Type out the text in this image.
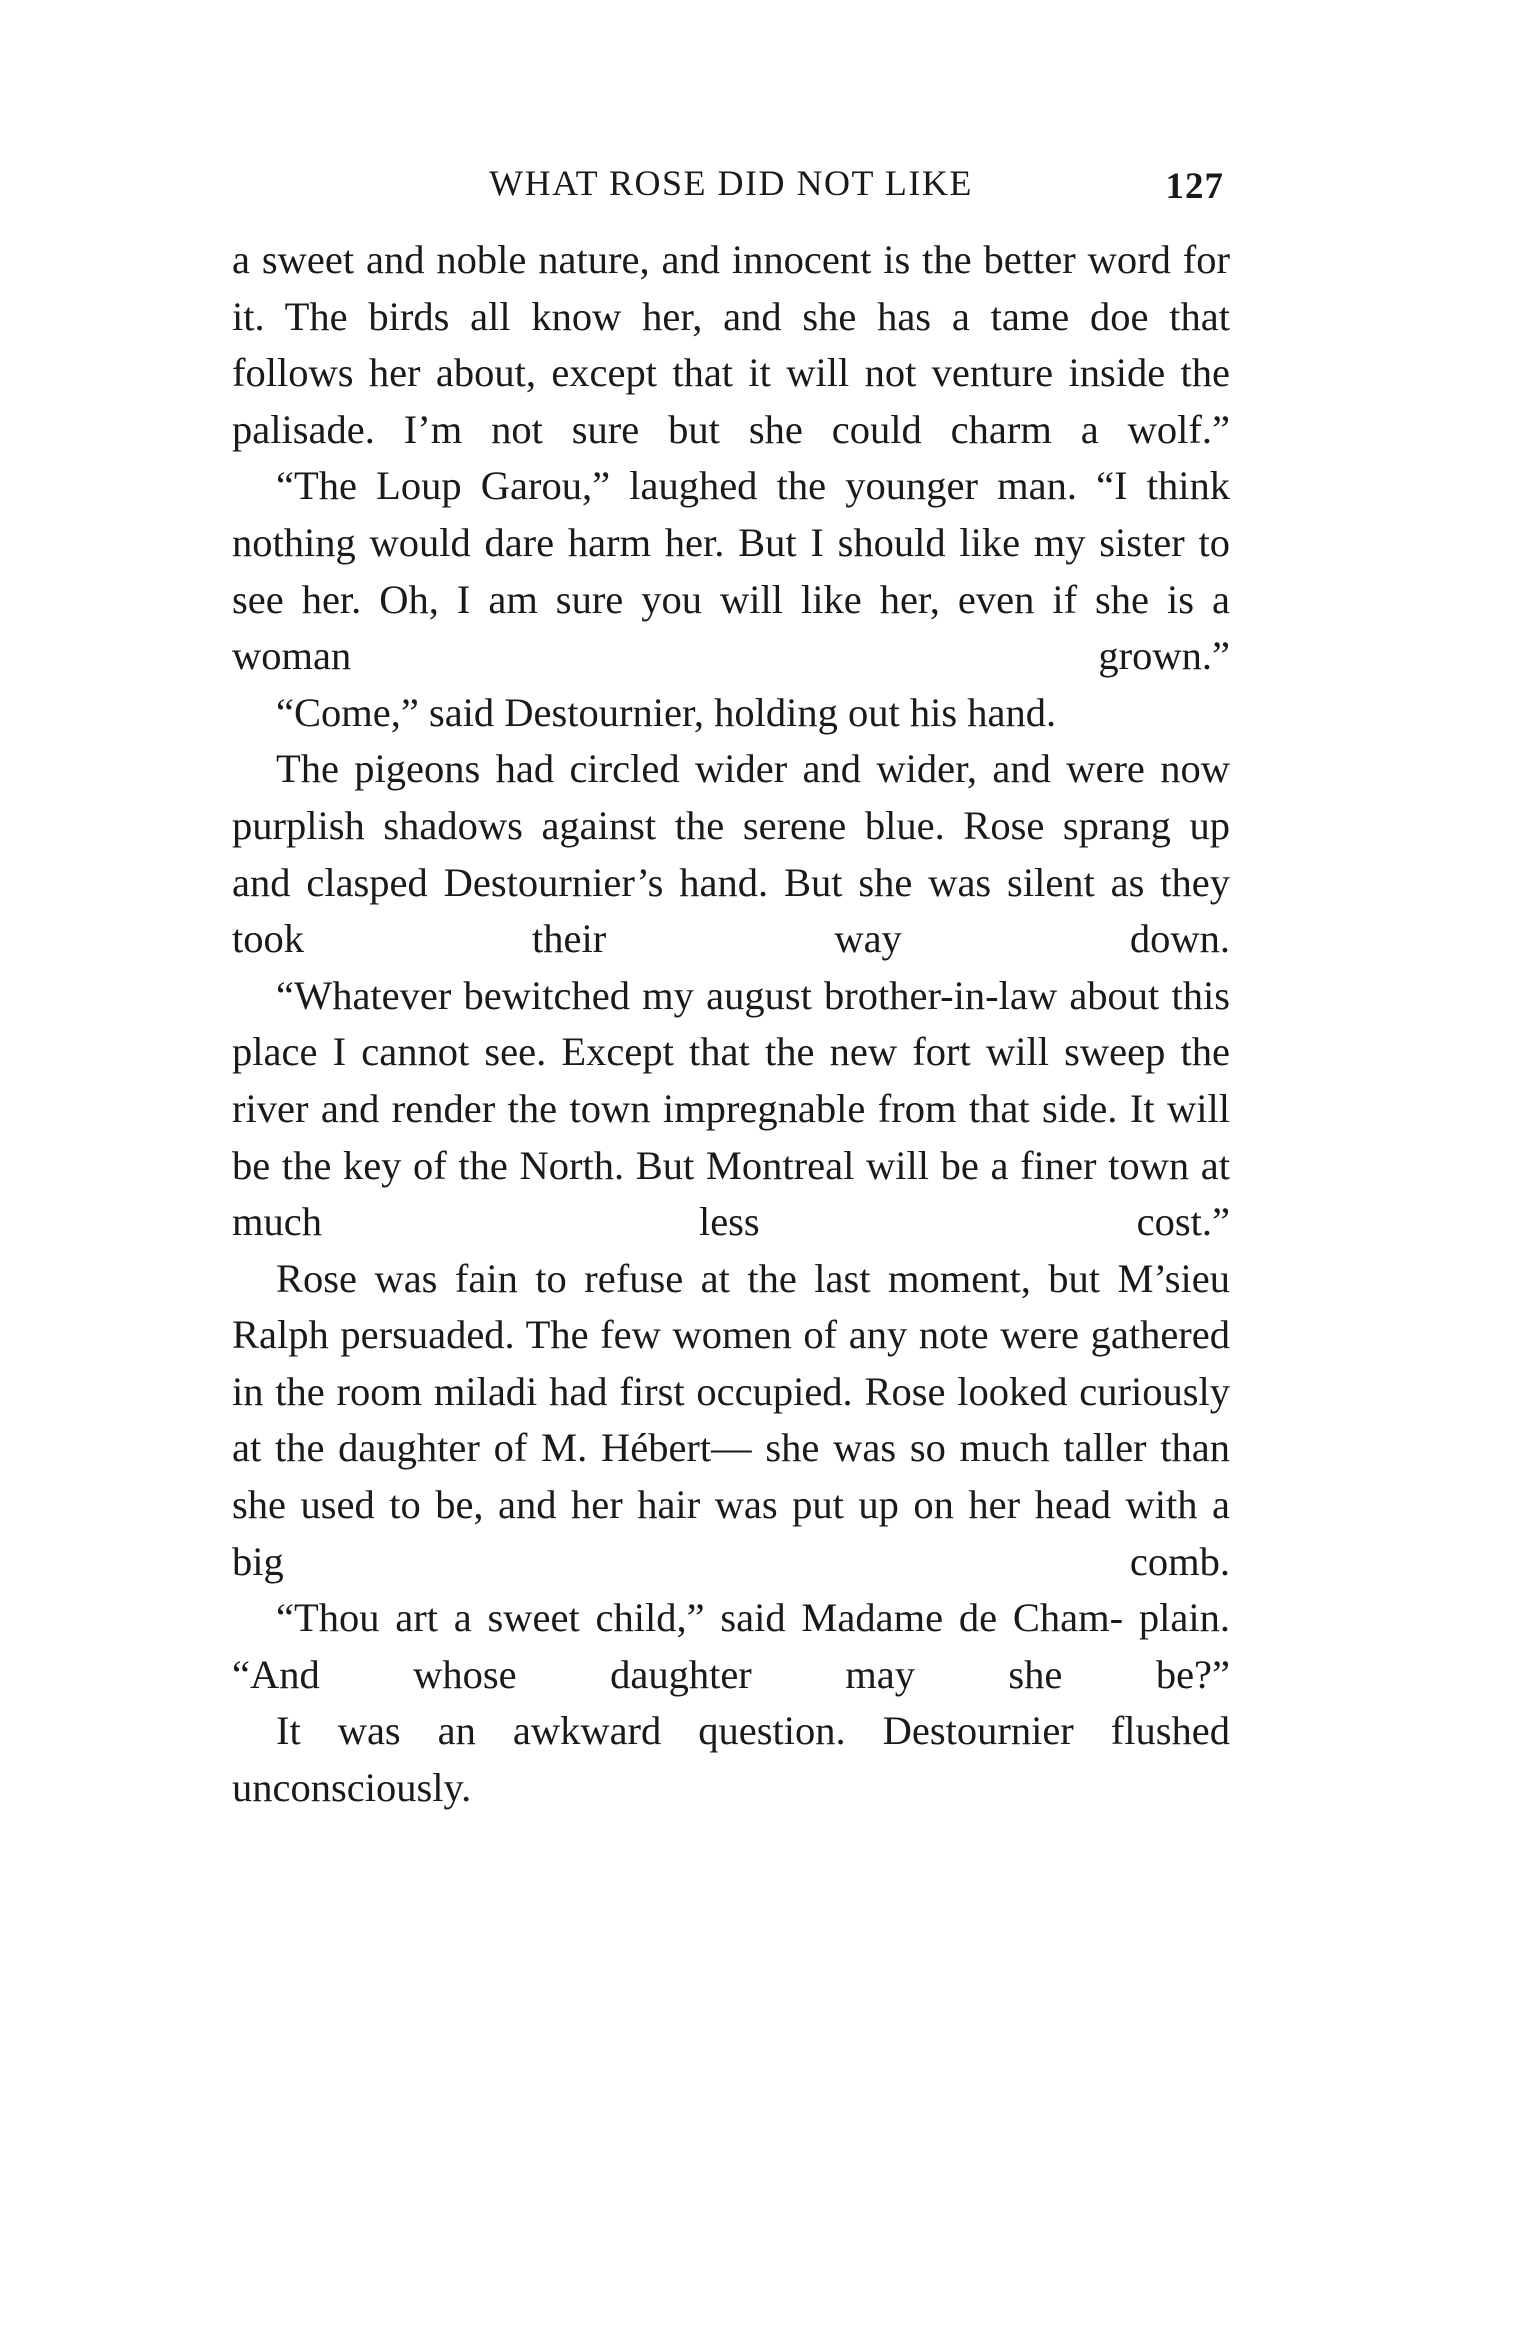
WHAT ROSE DID NOT LIKE	127

a sweet and noble nature, and innocent is the better word for it. The birds all know her, and she has a tame doe that follows her about, except that it will not venture inside the palisade. I’m not sure but she could charm a wolf.”

“The Loup Garou,” laughed the younger man. “I think nothing would dare harm her. But I should like my sister to see her. Oh, I am sure you will like her, even if she is a woman grown.”

“Come,” said Destournier, holding out his hand.

The pigeons had circled wider and wider, and were now purplish shadows against the serene blue. Rose sprang up and clasped Destournier’s hand. But she was silent as they took their way down.

“Whatever bewitched my august brother-in-law about this place I cannot see. Except that the new fort will sweep the river and render the town impregnable from that side. It will be the key of the North. But Montreal will be a finer town at much less cost.”

Rose was fain to refuse at the last moment, but M’sieu Ralph persuaded. The few women of any note were gathered in the room miladi had first occupied. Rose looked curiously at the daughter of M. Hébert— she was so much taller than she used to be, and her hair was put up on her head with a big comb.

“Thou art a sweet child,” said Madame de Cham- plain. “And whose daughter may she be?”

It was an awkward question. Destournier flushed unconsciously.
